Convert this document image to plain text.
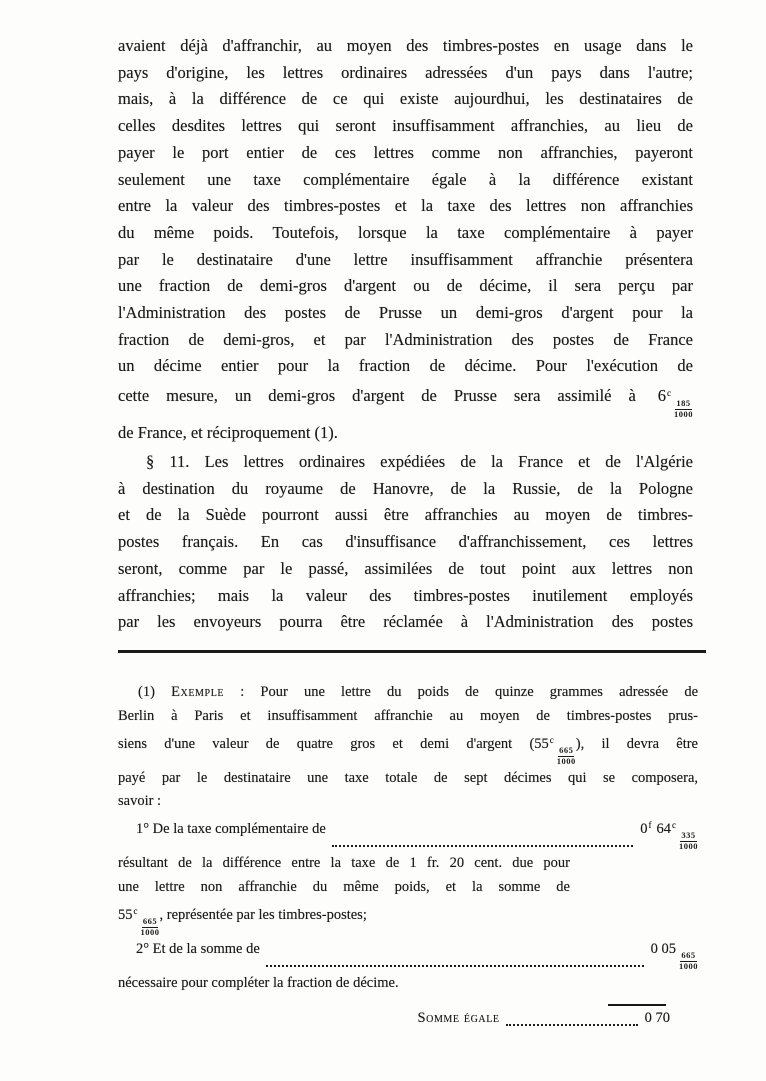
avaient déjà d'affranchir, au moyen des timbres-postes en usage dans le
pays d'origine, les lettres ordinaires adressées d'un pays dans l'autre;
mais, à la différence de ce qui existe aujourdhui, les destinataires de
celles desdites lettres qui seront insuffisamment affranchies, au lieu de
payer le port entier de ces lettres comme non affranchies, payeront
seulement une taxe complémentaire égale à la différence existant
entre la valeur des timbres-postes et la taxe des lettres non affranchies
du même poids. Toutefois, lorsque la taxe complémentaire à payer
par le destinataire d'une lettre insuffisamment affranchie présentera
une fraction de demi-gros d'argent ou de décime, il sera perçu par
l'Administration des postes de Prusse un demi-gros d'argent pour la
fraction de demi-gros, et par l'Administration des postes de France
un décime entier pour la fraction de décime. Pour l'exécution de
cette mesure, un demi-gros d'argent de Prusse sera assimilé à 6$^c$
$\frac{185}{1000}$
de France, et réciproquement (1).
§ 11. Les lettres ordinaires expédiées de la France et de l'Algérie
à destination du royaume de Hanovre, de la Russie, de la Pologne
et de la Suède pourront aussi être affranchies au moyen de timbres-
postes français. En cas d'insuffisance d'affranchissement, ces lettres
seront, comme par le passé, assimilées de tout point aux lettres non
affranchies; mais la valeur des timbres-postes inutilement employés
par les envoyeurs pourra être réclamée à l'Administration des postes
(1) Exemple : Pour une lettre du poids de quinze grammes adressée de
Berlin à Paris et insuffisamment affranchie au moyen de timbres-postes prus-
siens d'une valeur de quatre gros et demi d'argent (55$^c$
$\frac{665}{1000}$
), il devra être
payé par le destinataire une taxe totale de sept décimes qui se composera,
savoir :
1° De la taxe complémentaire de	0$^f$ 64$^c$
$\frac{335}{1000}$
résultant de la différence entre la taxe de 1 fr. 20 cent. due pour
une lettre non affranchie du même poids, et la somme de
55$^c$
$\frac{665}{1000}$
, représentée par les timbres-postes;
2° Et de la somme de	0 05
$\frac{665}{1000}$
nécessaire pour compléter la fraction de décime.
Somme égale	0 70
